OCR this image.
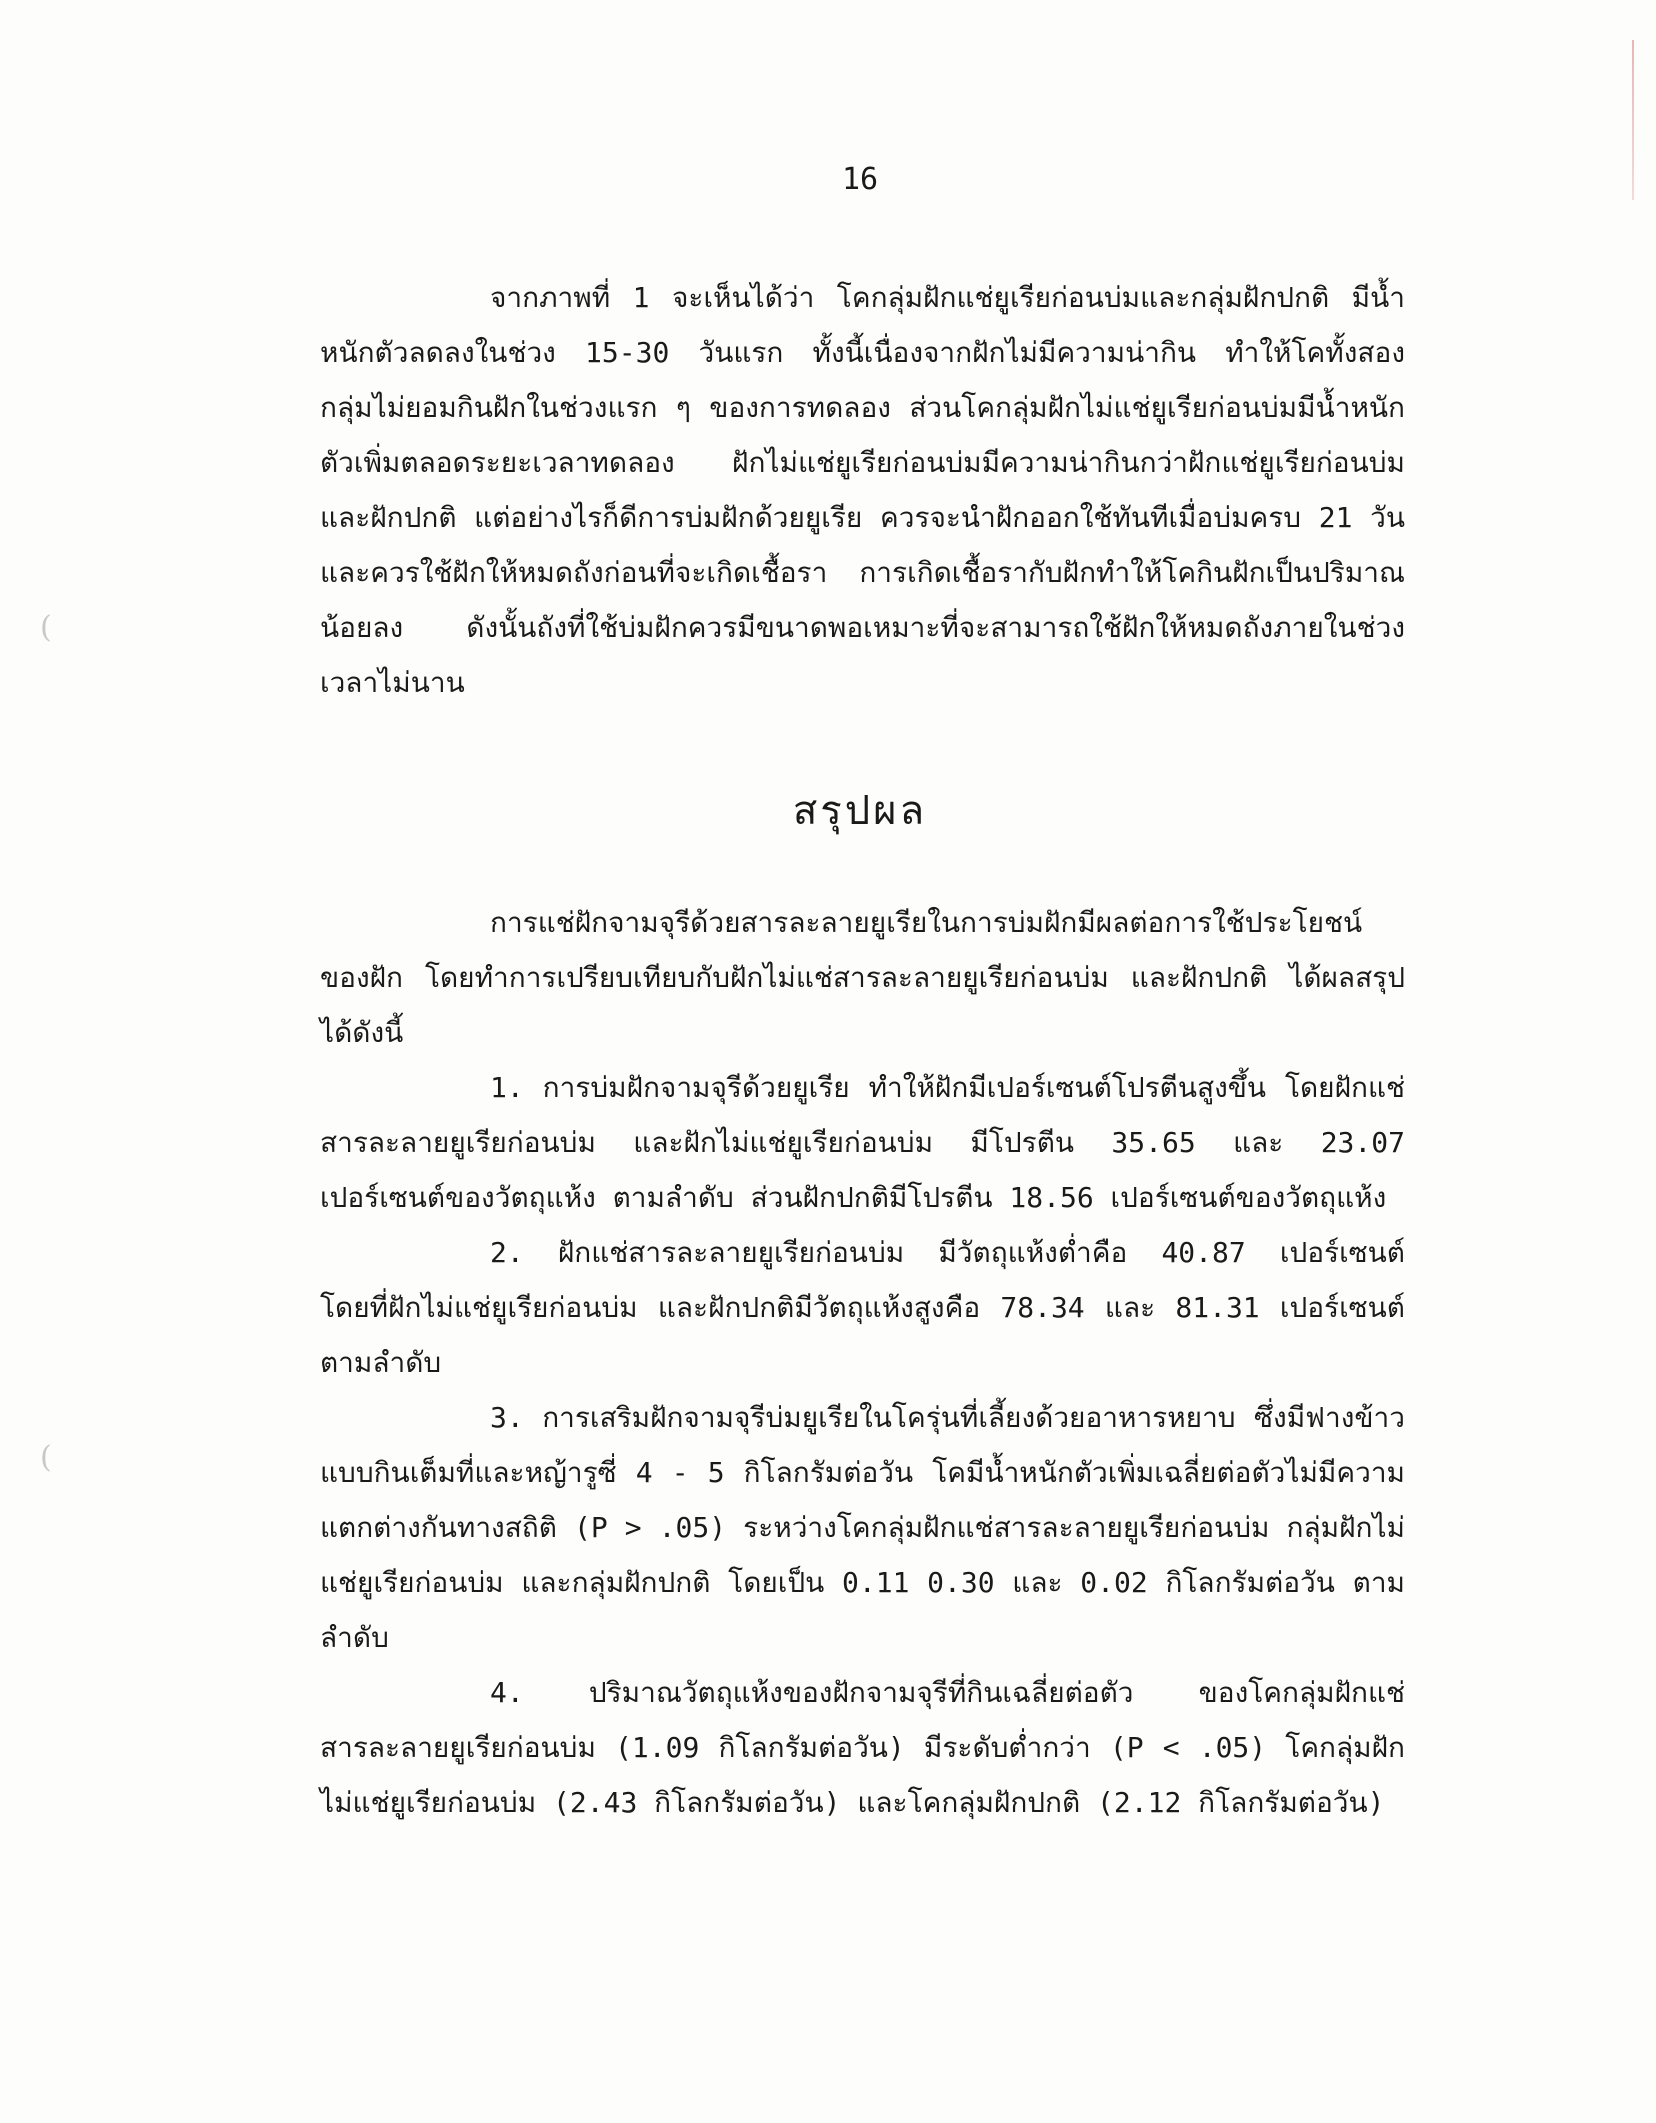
(
(
16

จากภาพที่ 1 จะเห็นได้ว่า โคกลุ่มฝักแช่ยูเรียก่อนบ่มและกลุ่มฝักปกติ มีน้ำหนักตัวลดลงในช่วง 15-30 วันแรก ทั้งนี้เนื่องจากฝักไม่มีความน่ากิน ทำให้โคทั้งสองกลุ่มไม่ยอมกินฝักในช่วงแรก ๆ ของการทดลอง ส่วนโคกลุ่มฝักไม่แช่ยูเรียก่อนบ่มมีน้ำหนักตัวเพิ่มตลอดระยะเวลาทดลอง ฝักไม่แช่ยูเรียก่อนบ่มมีความน่ากินกว่าฝักแช่ยูเรียก่อนบ่มและฝักปกติ แต่อย่างไรก็ดีการบ่มฝักด้วยยูเรีย ควรจะนำฝักออกใช้ทันทีเมื่อบ่มครบ 21 วัน และควรใช้ฝักให้หมดถังก่อนที่จะเกิดเชื้อรา การเกิดเชื้อรากับฝักทำให้โคกินฝักเป็นปริมาณน้อยลง ดังนั้นถังที่ใช้บ่มฝักควรมีขนาดพอเหมาะที่จะสามารถใช้ฝักให้หมดถังภายในช่วงเวลาไม่นาน

สรุปผล

การแช่ฝักจามจุรีด้วยสารละลายยูเรียในการบ่มฝักมีผลต่อการใช้ประโยชน์ของฝัก โดยทำการเปรียบเทียบกับฝักไม่แช่สารละลายยูเรียก่อนบ่ม และฝักปกติ ได้ผลสรุปได้ดังนี้

1. การบ่มฝักจามจุรีด้วยยูเรีย ทำให้ฝักมีเปอร์เซนต์โปรตีนสูงขึ้น โดยฝักแช่สารละลายยูเรียก่อนบ่ม และฝักไม่แช่ยูเรียก่อนบ่ม มีโปรตีน 35.65 และ 23.07 เปอร์เซนต์ของวัตถุแห้ง ตามลำดับ ส่วนฝักปกติมีโปรตีน 18.56 เปอร์เซนต์ของวัตถุแห้ง

2. ฝักแช่สารละลายยูเรียก่อนบ่ม มีวัตถุแห้งต่ำคือ 40.87 เปอร์เซนต์ โดยที่ฝักไม่แช่ยูเรียก่อนบ่ม และฝักปกติมีวัตถุแห้งสูงคือ 78.34 และ 81.31 เปอร์เซนต์ ตามลำดับ

3. การเสริมฝักจามจุรีบ่มยูเรียในโครุ่นที่เลี้ยงด้วยอาหารหยาบ ซึ่งมีฟางข้าวแบบกินเต็มที่และหญ้ารูซี่ 4 - 5 กิโลกรัมต่อวัน โคมีน้ำหนักตัวเพิ่มเฉลี่ยต่อตัวไม่มีความแตกต่างกันทางสถิติ (P > .05) ระหว่างโคกลุ่มฝักแช่สารละลายยูเรียก่อนบ่ม กลุ่มฝักไม่แช่ยูเรียก่อนบ่ม และกลุ่มฝักปกติ โดยเป็น 0.11 0.30 และ 0.02 กิโลกรัมต่อวัน ตามลำดับ

4. ปริมาณวัตถุแห้งของฝักจามจุรีที่กินเฉลี่ยต่อตัว ของโคกลุ่มฝักแช่สารละลายยูเรียก่อนบ่ม (1.09 กิโลกรัมต่อวัน) มีระดับต่ำกว่า (P < .05) โคกลุ่มฝักไม่แช่ยูเรียก่อนบ่ม (2.43 กิโลกรัมต่อวัน) และโคกลุ่มฝักปกติ (2.12 กิโลกรัมต่อวัน)
